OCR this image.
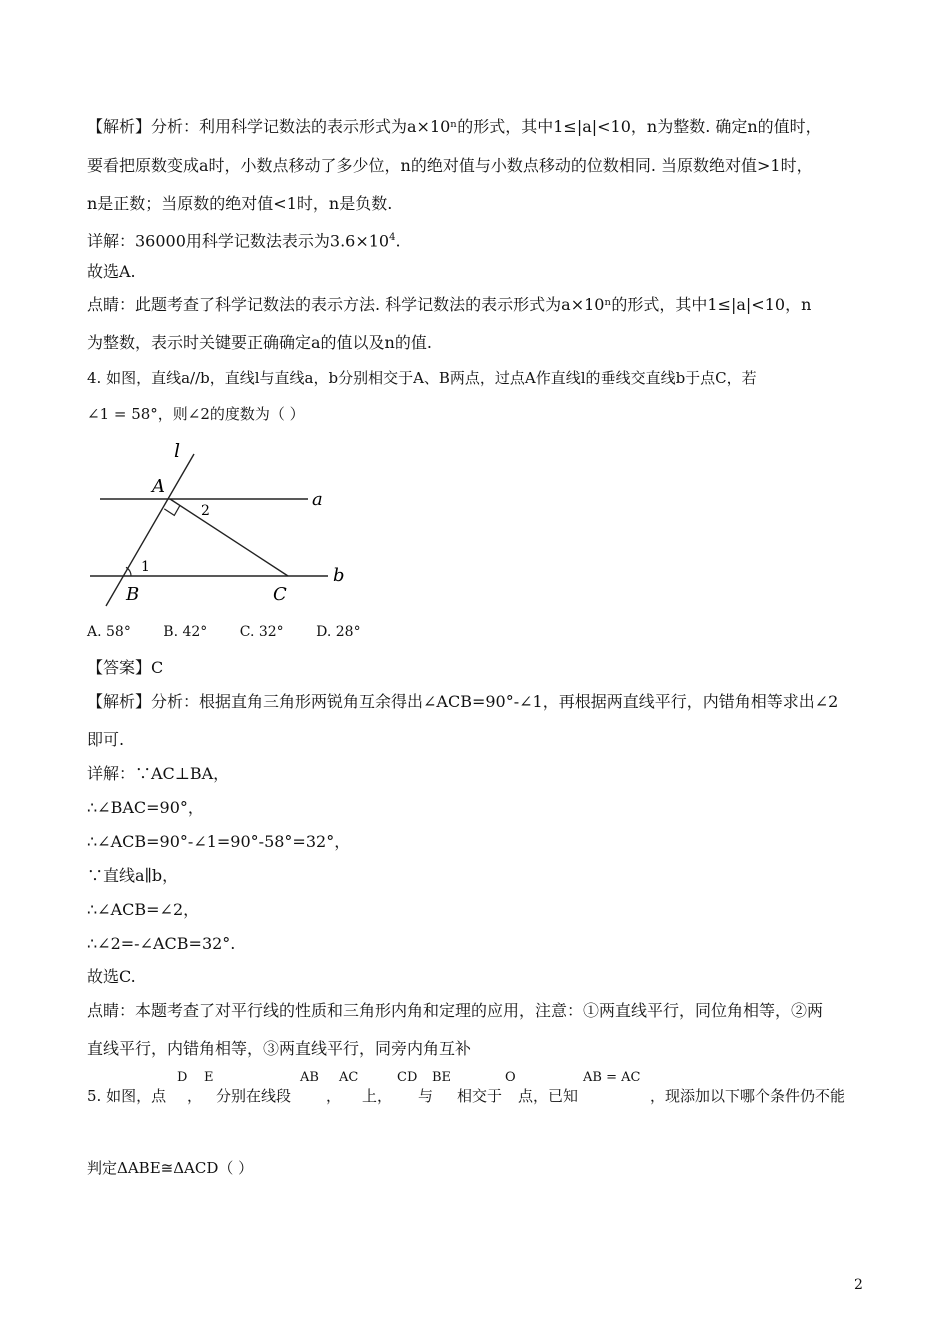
【解析】分析：利用科学记数法的表示形式为a×10ⁿ的形式，其中1≤|a|<10，n为整数. 确定n的值时，
要看把原数变成a时，小数点移动了多少位，n的绝对值与小数点移动的位数相同. 当原数绝对值>1时，
n是正数；当原数的绝对值<1时，n是负数.
详解：36000用科学记数法表示为$3.6\times 10^4$.
故选A.
点睛：此题考查了科学记数法的表示方法. 科学记数法的表示形式为a×10ⁿ的形式，其中1≤|a|<10，n
为整数，表示时关键要正确确定a的值以及n的值.
4. 如图，直线a//b，直线l与直线a，b分别相交于A、B两点，过点A作直线l的垂线交直线b于点C，若
∠1 = 58°，则∠2的度数为（ ）
l
A
a
2
1
B	C
b
A. 58° B. 42° C. 32° D. 28°
【答案】C
【解析】分析：根据直角三角形两锐角互余得出∠ACB=90°-∠1，再根据两直线平行，内错角相等求出∠2
即可.
详解：∵AC⊥BA，
∴∠BAC=90°，
∴∠ACB=90°-∠1=90°-58°=32°，
∵直线a∥b，
∴∠ACB=∠2，
∴∠2=-∠ACB=32°.
故选C.
点睛：本题考查了对平行线的性质和三角形内角和定理的应用，注意：①两直线平行，同位角相等，②两
直线平行，内错角相等，③两直线平行，同旁内角互补
5. 如图，点
D
，
E
分别在线段
AB
，
AC
上，
CD
与
BE
相交于
O
点，已知
AB = AC
，现添加以下哪个条件仍不能
判定ΔABE≅ΔACD（ ）
2
